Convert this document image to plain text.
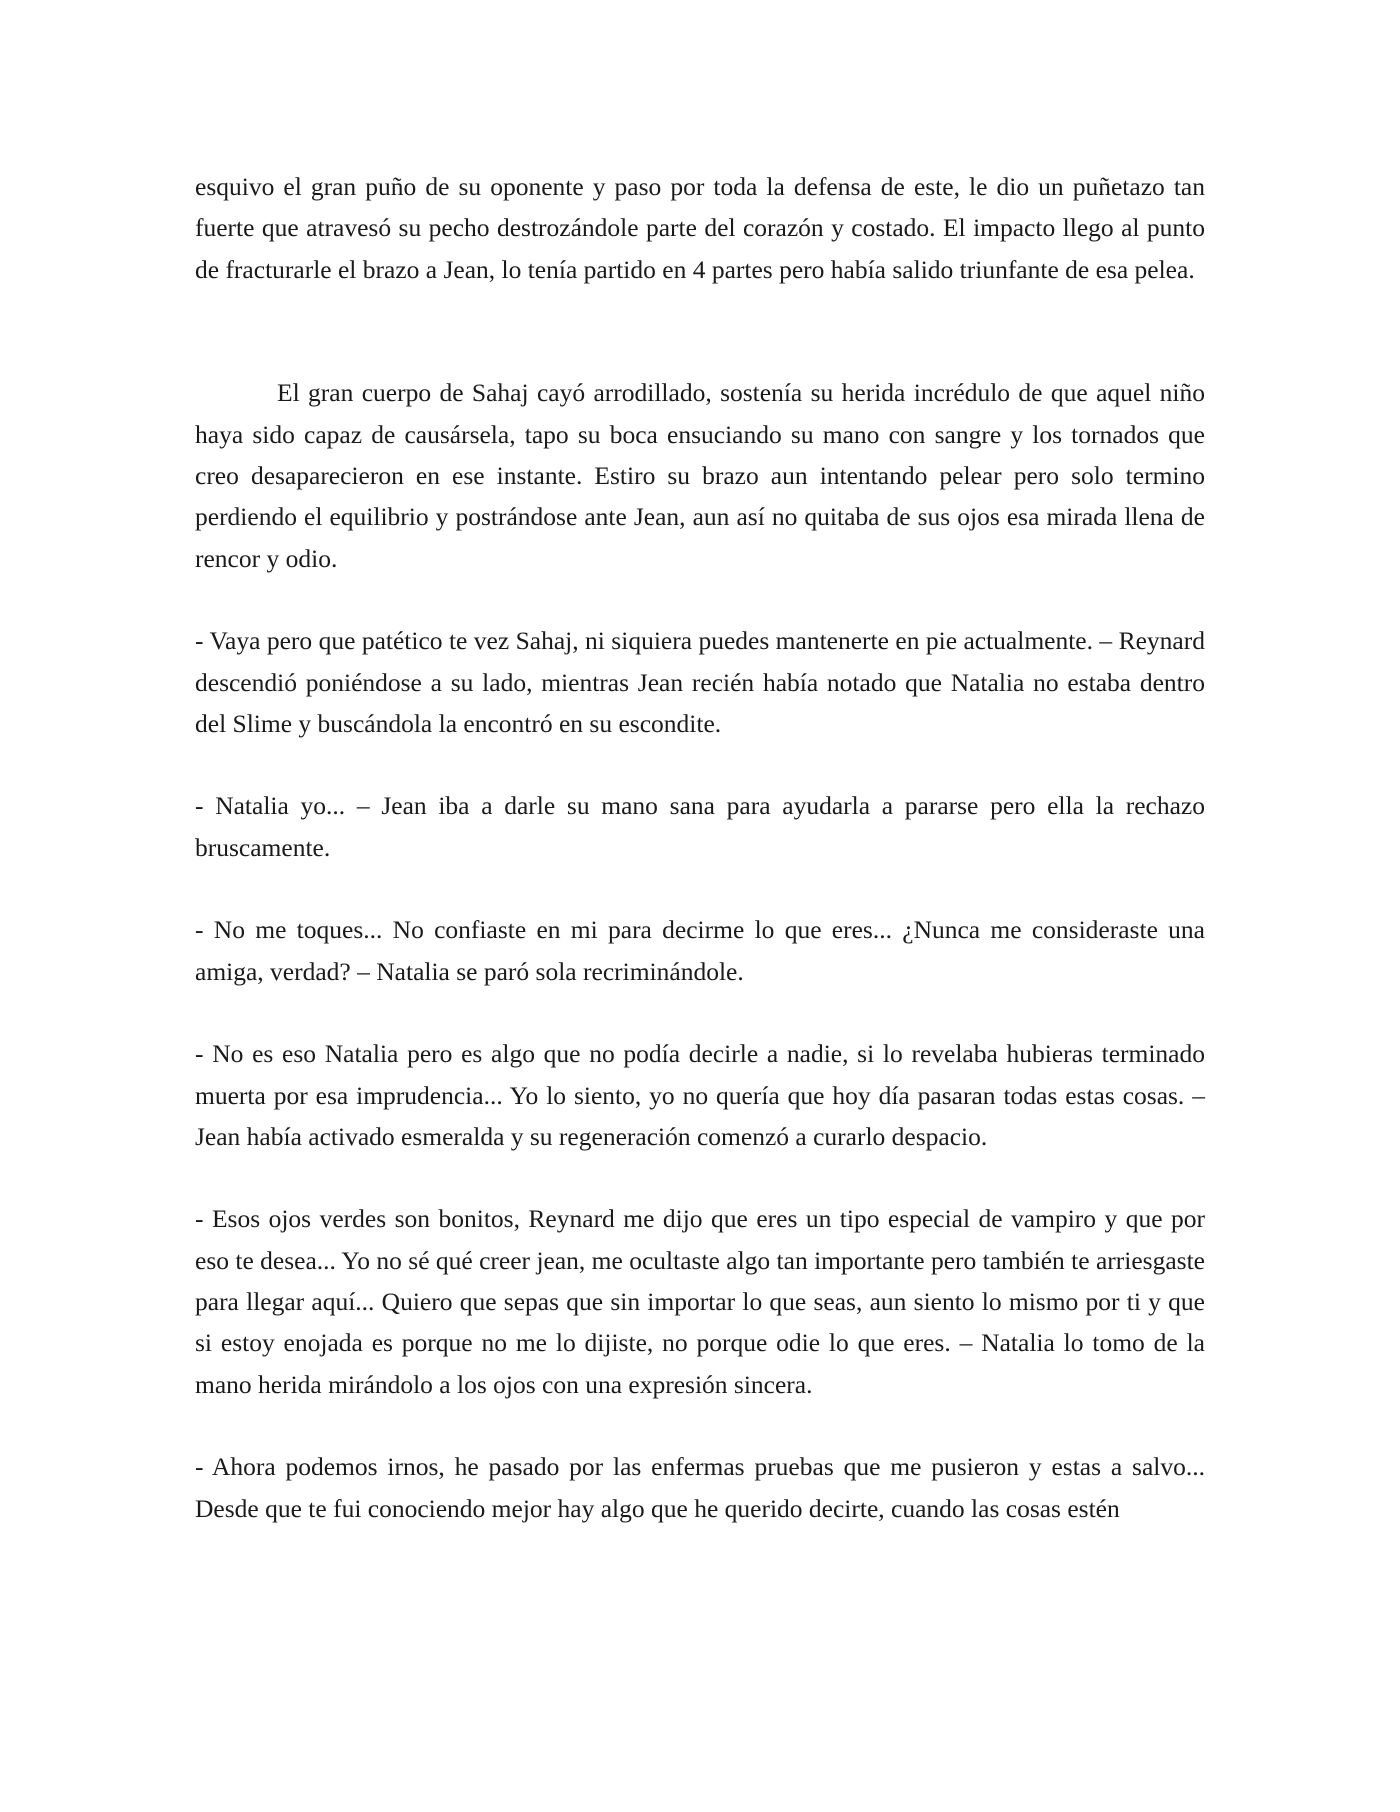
esquivo el gran puño de su oponente y paso por toda la defensa de este, le dio un puñetazo tan fuerte que atravesó su pecho destrozándole parte del corazón y costado. El impacto llego al punto de fracturarle el brazo a Jean, lo tenía partido en 4 partes pero había salido triunfante de esa pelea.

El gran cuerpo de Sahaj cayó arrodillado, sostenía su herida incrédulo de que aquel niño haya sido capaz de causársela, tapo su boca ensuciando su mano con sangre y los tornados que creo desaparecieron en ese instante. Estiro su brazo aun intentando pelear pero solo termino perdiendo el equilibrio y postrándose ante Jean, aun así no quitaba de sus ojos esa mirada llena de rencor y odio.

- Vaya pero que patético te vez Sahaj, ni siquiera puedes mantenerte en pie actualmente. – Reynard descendió poniéndose a su lado, mientras Jean recién había notado que Natalia no estaba dentro del Slime y buscándola la encontró en su escondite.

- Natalia yo... – Jean iba a darle su mano sana para ayudarla a pararse pero ella la rechazo bruscamente.

- No me toques... No confiaste en mi para decirme lo que eres... ¿Nunca me consideraste una amiga, verdad? – Natalia se paró sola recriminándole.

- No es eso Natalia pero es algo que no podía decirle a nadie, si lo revelaba hubieras terminado muerta por esa imprudencia... Yo lo siento, yo no quería que hoy día pasaran todas estas cosas. – Jean había activado esmeralda y su regeneración comenzó a curarlo despacio.

- Esos ojos verdes son bonitos, Reynard me dijo que eres un tipo especial de vampiro y que por eso te desea... Yo no sé qué creer jean, me ocultaste algo tan importante pero también te arriesgaste para llegar aquí... Quiero que sepas que sin importar lo que seas, aun siento lo mismo por ti y que si estoy enojada es porque no me lo dijiste, no porque odie lo que eres. – Natalia lo tomo de la mano herida mirándolo a los ojos con una expresión sincera.

- Ahora podemos irnos, he pasado por las enfermas pruebas que me pusieron y estas a salvo... Desde que te fui conociendo mejor hay algo que he querido decirte, cuando las cosas estén
